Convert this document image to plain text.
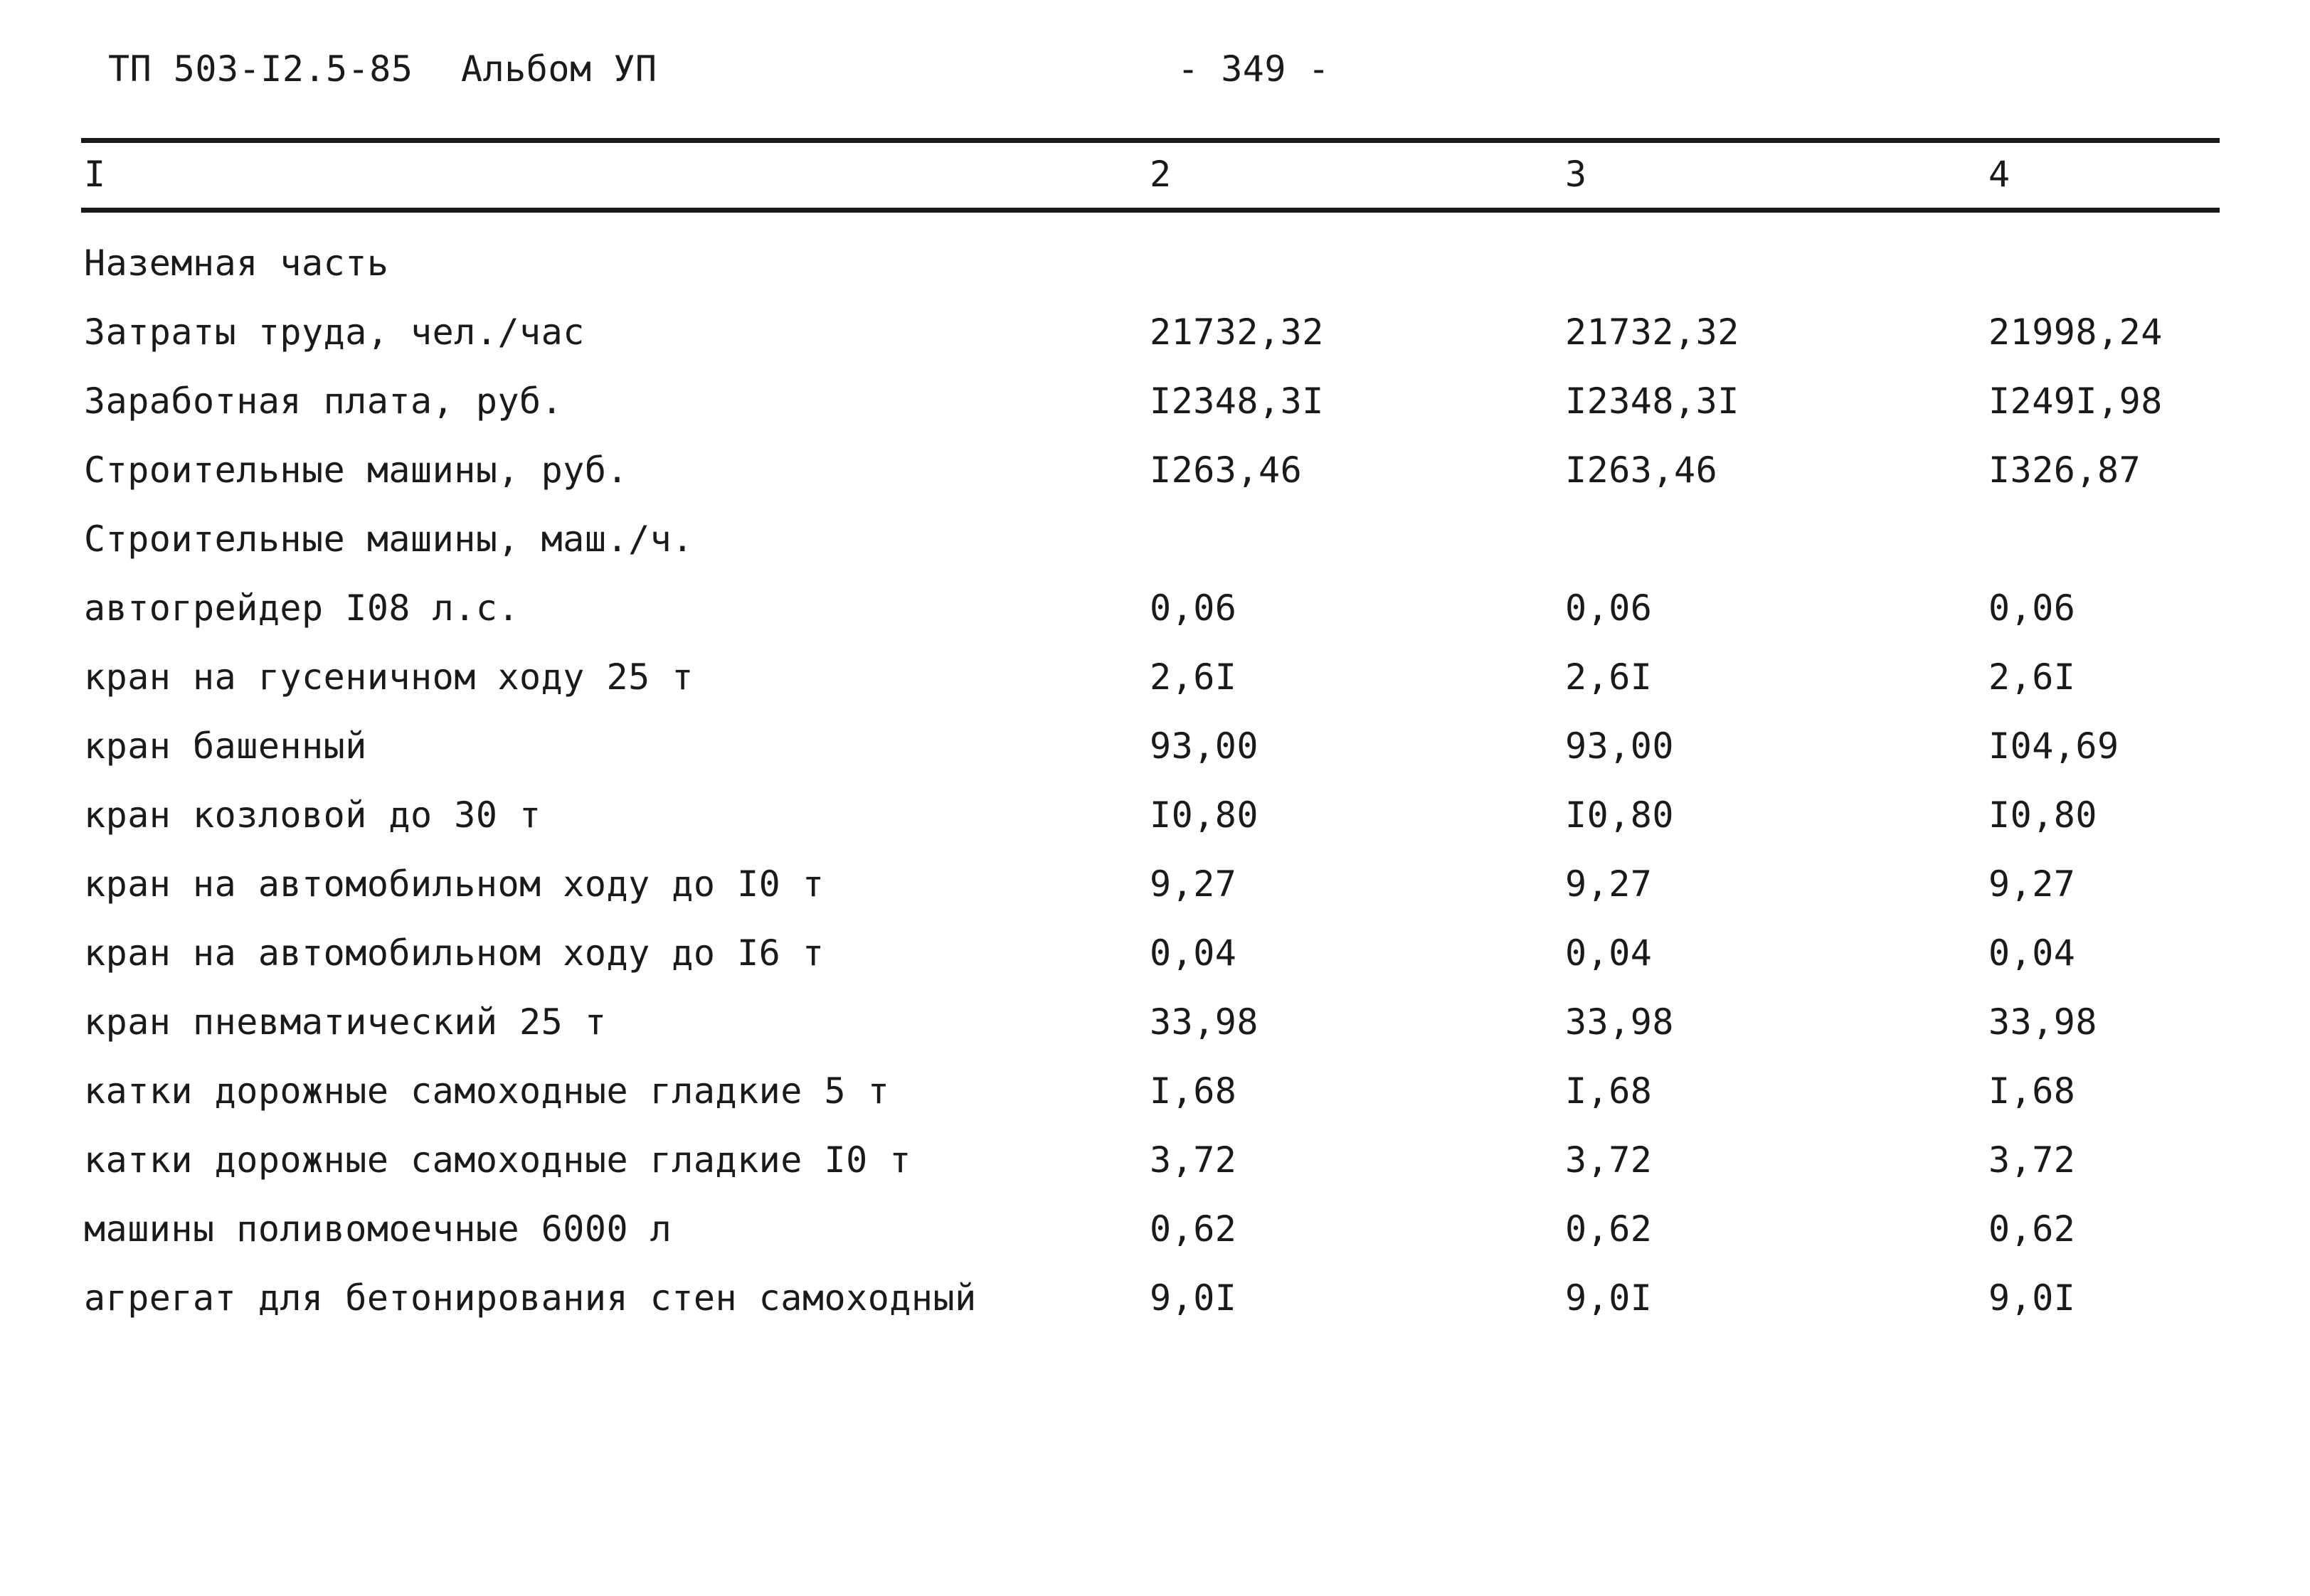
ТП 503-I2.5-85 Альбом УП	- 349 -
I	2	3	4
Наземная часть
Затраты труда, чел./час	21732,32	21732,32	21998,24
Заработная плата, руб.	I2348,3I	I2348,3I	I249I,98
Строительные машины, руб.	I263,46	I263,46	I326,87
Строительные машины, маш./ч.
автогрейдер I08 л.с.	0,06	0,06	0,06
кран на гусеничном ходу 25 т	2,6I	2,6I	2,6I
кран башенный	93,00	93,00	I04,69
кран козловой до 30 т	I0,80	I0,80	I0,80
кран на автомобильном ходу до I0 т	9,27	9,27	9,27
кран на автомобильном ходу до I6 т	0,04	0,04	0,04
кран пневматический 25 т	33,98	33,98	33,98
катки дорожные самоходные гладкие 5 т	I,68	I,68	I,68
катки дорожные самоходные гладкие I0 т	3,72	3,72	3,72
машины поливомоечные 6000 л	0,62	0,62	0,62
агрегат для бетонирования стен самоходный	9,0I	9,0I	9,0I
